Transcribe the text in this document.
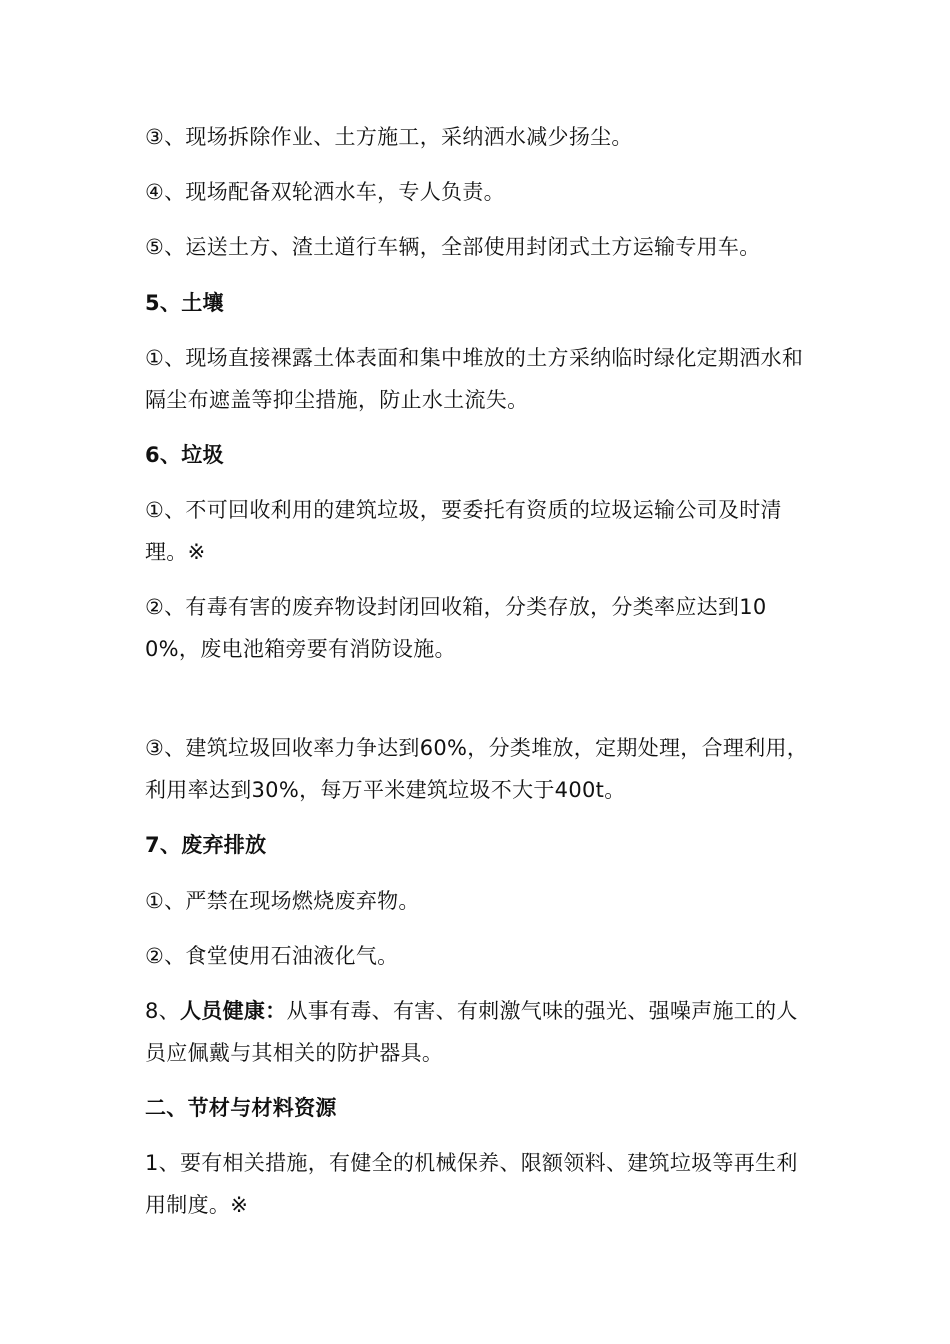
③、现场拆除作业、土方施工，采纳洒水减少扬尘。

④、现场配备双轮洒水车，专人负责。

⑤、运送土方、渣土道行车辆，全部使用封闭式土方运输专用车。

5、土壤

①、现场直接裸露土体表面和集中堆放的土方采纳临时绿化定期洒水和隔尘布遮盖等抑尘措施，防止水土流失。

6、垃圾

①、不可回收利用的建筑垃圾，要委托有资质的垃圾运输公司及时清理。※

②、有毒有害的废弃物设封闭回收箱，分类存放，分类率应达到100%，废电池箱旁要有消防设施。

③、建筑垃圾回收率力争达到60%，分类堆放，定期处理，合理利用，利用率达到30%，每万平米建筑垃圾不大于400t。

7、废弃排放

①、严禁在现场燃烧废弃物。

②、食堂使用石油液化气。

8、人员健康：从事有毒、有害、有刺激气味的强光、强噪声施工的人员应佩戴与其相关的防护器具。

二、节材与材料资源

1、要有相关措施，有健全的机械保养、限额领料、建筑垃圾等再生利用制度。※
